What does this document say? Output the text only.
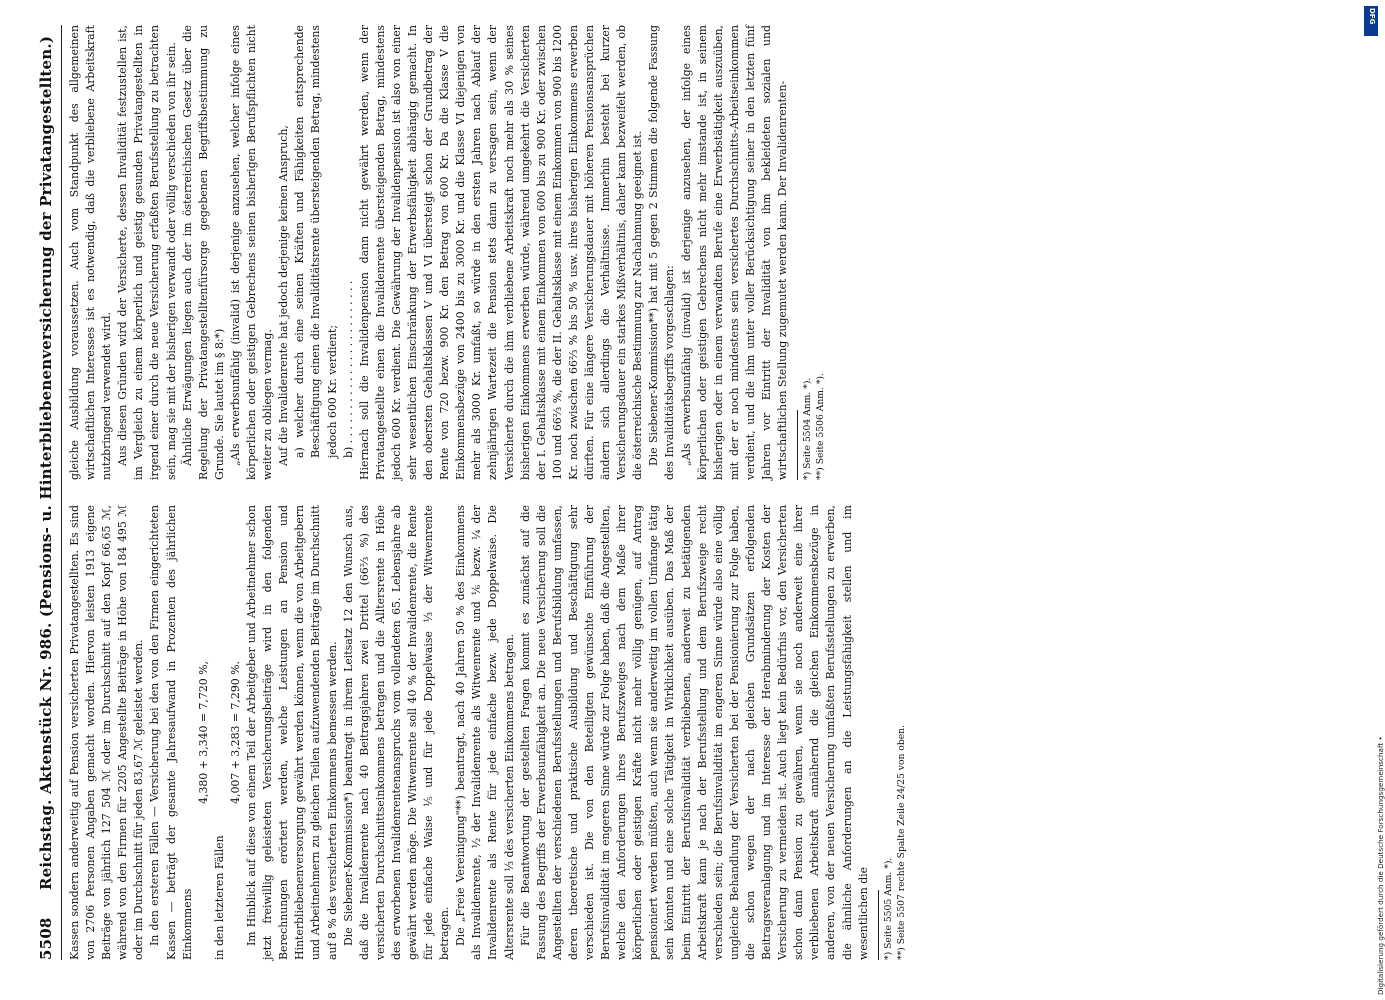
5508
Reichstag. Aktenstück Nr. 986. (Pensions- u. Hinterbliebenenversicherung der Privatangestellten.) Kassen sondern anderweitig auf Pension versicherten Privatangestellten. Es sind von 2706 Personen Angaben gemacht worden. Hiervon leisten 1913 eigene Beiträge von jährlich 127 504 ℳ oder im Durchschnitt auf den Kopf 66,65 ℳ, während von den Firmen für 2205 Angestellte Beiträge in Höhe von 184 495 ℳ oder im Durchschnitt für jeden 83,67 ℳ geleistet werden. In den ersteren Fällen — Versicherung bei den von den Firmen eingerichteten Kassen — beträgt der gesamte Jahresaufwand in Prozenten des jährlichen Einkommens

4,380 + 3,340 = 7,720 %,

in den letzteren Fällen

4,007 + 3,283 = 7,290 %. Im Hinblick auf diese von einem Teil der Arbeitgeber und Arbeitnehmer schon jetzt freiwillig geleisteten Versicherungsbeiträge wird in den folgenden Berechnungen erörtert werden, welche Leistungen an Pension und Hinterbliebenenversorgung gewährt werden können, wenn die von Arbeitgebern und Arbeitnehmern zu gleichen Teilen aufzuwendenden Beiträge im Durchschnitt auf 8 % des versicherten Einkommens bemessen werden. Die Siebener-Kommission*) beantragt in ihrem Leitsatz 12 den Wunsch aus, daß die Invalidenrente nach 40 Beitragsjahren zwei Drittel (66⅔ %) des versicherten Durchschnittseinkommens betragen und die Alltersrente in Höhe des erworbenen Invalidenrentenanspruchs vom vollendeten 65. Lebensjahre ab gewährt werden möge. Die Witwenrente soll 40 % der Invalidenrente, die Rente für jede einfache Waise ⅕ und für jede Doppelwaise ⅓ der Witwenrente betragen. Die „Freie Vereinigung"**) beantragt, nach 40 Jahren 50 % des Einkommens als Invalidenrente, ½ der Invalidenrente als Witwenrente und ⅙ bezw. ¼ der Invalidenrente als Rente für jede einfache bezw. jede Doppelwaise. Die Altersrente soll ⅓ des versicherten Einkommens betragen. Für die Beantwortung der gestellten Fragen kommt es zunächst auf die Fassung des Begriffs der Erwerbsunfähigkeit an. Die neue Versicherung soll die Angestellten der verschiedenen Berufsstellungen und Berufsbildung umfassen, deren theoretische und praktische Ausbildung und Beschäftigung sehr verschieden ist. Die von den Beteiligten gewünschte Einführung der Berufsinvalidität im engeren Sinne würde zur Folge haben, daß die Angestellten, welche den Anforderungen ihres Berufszweiges nach dem Maße ihrer körperlichen oder geistigen Kräfte nicht mehr völlig genügen, auf Antrag pensioniert werden müßten, auch wenn sie anderweitig im vollen Umfange tätig sein könnten und eine solche Tätigkeit in Wirklichkeit ausüben. Das Maß der beim Eintritt der Berufsinvalidität verbliebenen, anderweit zu betätigenden Arbeitskraft kann je nach der Berufsstellung und dem Berufszweige recht verschieden sein; die Berufsinvalidität im engeren Sinne würde also eine völlig ungleiche Behandlung der Versicherten bei der Pensionierung zur Folge haben, die schon wegen der nach gleichen Grundsätzen erfolgenden Beitragsveranlagung und im Interesse der Herabminderung der Kosten der Versicherung zu vermeiden ist. Auch liegt kein Bedürfnis vor, den Versicherten schon dann Pension zu gewähren, wenn sie noch anderweit eine ihrer verbliebenen Arbeitskraft annähernd die gleichen Einkommensbezüge in anderen, von der neuen Versicherung umfaßten Berufsstellungen zu erwerben, die ähnliche Anforderungen an die Leistungsfähigkeit stellen und im wesentlichen die *) Seite 5505 Anm. *). **) Seite 5507 rechte Spalte Zeile 24/25 von oben.

gleiche Ausbildung voraussetzen. Auch vom Standpunkt des allgemeinen wirtschaftlichen Interesses ist es notwendig, daß die verbliebene Arbeitskraft nutzbringend verwendet wird. Aus diesen Gründen wird der Versicherte, dessen Invalidität festzustellen ist, im Vergleich zu einem körperlich und geistig gesunden Privatangestellten in irgend einer durch die neue Versicherung erfaßten Berufsstellung zu betrachten sein, mag sie mit der bisherigen verwandt oder völlig verschieden von ihr sein. Ähnliche Erwägungen liegen auch der im österreichischen Gesetz über die Regelung der Privatangestelltenfürsorge gegebenen Begriffsbestimmung zu Grunde. Sie lautet im § 8:*) „Als erwerbsunfähig (invalid) ist derjenige anzusehen, welcher infolge eines körperlichen oder geistigen Gebrechens seinen bisherigen Berufspflichten nicht weiter zu obliegen vermag. Auf die Invalidenrente hat jedoch derjenige keinen Anspruch, a) welcher durch eine seinen Kräften und Fähigkeiten entsprechende Beschäftigung einen die Invaliditätsrente übersteigenden Betrag, mindestens jedoch 600 Kr. verdient; b) . . . . . . . . . . . . . . . . . . . . . . . . Hiernach soll die Invalidenpension dann nicht gewährt werden, wenn der Privatangestellte einen die Invalidenrente übersteigenden Betrag, mindestens jedoch 600 Kr. verdient. Die Gewährung der Invalidenpension ist also von einer sehr wesentlichen Einschränkung der Erwerbsfähigkeit abhängig gemacht. In den obersten Gehaltsklassen V und VI übersteigt schon der Grundbetrag der Rente von 720 bezw. 900 Kr. den Betrag von 600 Kr. Da die Klasse V die Einkommensbezüge von 2400 bis zu 3000 Kr. und die Klasse VI diejenigen von mehr als 3000 Kr. umfaßt, so würde in den ersten Jahren nach Ablauf der zehnjährigen Wartezeit die Pension stets dann zu versagen sein, wenn der Versicherte durch die ihm verbliebene Arbeitskraft noch mehr als 30 % seines bisherigen Einkommens erwerben würde, während umgekehrt die Versicherten der I. Gehaltsklasse mit einem Einkommen von 600 bis zu 900 Kr. oder zwischen 100 und 66⅔ %, die der II. Gehaltsklasse mit einem Einkommen von 900 bis 1200 Kr. noch zwischen 66⅔ % bis 50 % usw. ihres bisherigen Einkommens erwerben dürften. Für eine längere Versicherungsdauer mit höheren Pensionsansprüchen ändern sich allerdings die Verhältnisse. Immerhin besteht bei kurzer Versicherungsdauer ein starkes Mißverhältnis, daher kann bezweifelt werden, ob die österreichische Bestimmung zur Nachahmung geeignet ist. Die Siebener-Kommission**) hat mit 5 gegen 2 Stimmen die folgende Fassung des Invaliditätsbegriffs vorgeschlagen: „Als erwerbsunfähig (invalid) ist derjenige anzusehen, der infolge eines körperlichen oder geistigen Gebrechens nicht mehr imstande ist, in seinem bisherigen oder in einem verwandten Berufe eine Erwerbstätigkeit auszuüben, mit der er noch mindestens sein versichertes Durchschnitts-Arbeitseinkommen verdient, und die ihm unter voller Berücksichtigung seiner in den letzten fünf Jahren vor Eintritt der Invalidität von ihm bekleideten sozialen und wirtschaftlichen Stellung zugemutet werden kann. Der Invalidenrenten- *) Seite 5504 Anm. *). **) Seite 5506 Anm. *).

Digitalisierung gefördert durch die Deutsche Forschungsgemeinschaft •
DFG
